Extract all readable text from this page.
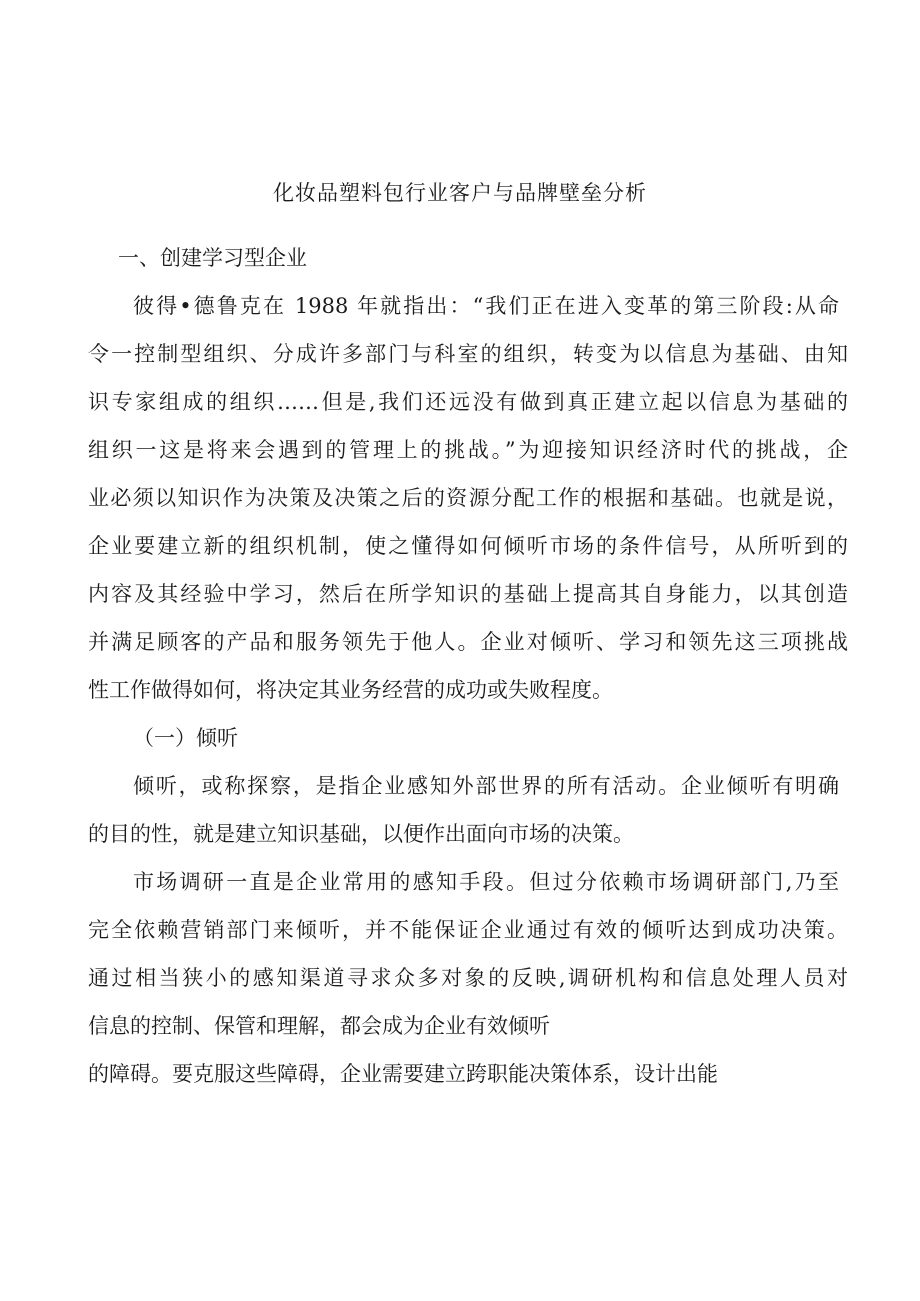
化妆品塑料包行业客户与品牌壁垒分析

一、创建学习型企业

彼得•德鲁克在 1988 年就指出：“我们正在进入变革的第三阶段:从命

令一控制型组织、分成许多部门与科室的组织，转变为以信息为基础、由知

识专家组成的组织……但是,我们还远没有做到真正建立起以信息为基础的

组织一这是将来会遇到的管理上的挑战。”为迎接知识经济时代的挑战，企

业必须以知识作为决策及决策之后的资源分配工作的根据和基础。也就是说，

企业要建立新的组织机制，使之懂得如何倾听市场的条件信号，从所听到的

内容及其经验中学习，然后在所学知识的基础上提高其自身能力，以其创造

并满足顾客的产品和服务领先于他人。企业对倾听、学习和领先这三项挑战

性工作做得如何，将决定其业务经营的成功或失败程度。

（一）倾听

倾听，或称探察，是指企业感知外部世界的所有活动。企业倾听有明确

的目的性，就是建立知识基础，以便作出面向市场的决策。

市场调研一直是企业常用的感知手段。但过分依赖市场调研部门,乃至

完全依赖营销部门来倾听，并不能保证企业通过有效的倾听达到成功决策。

通过相当狭小的感知渠道寻求众多对象的反映,调研机构和信息处理人员对

信息的控制、保管和理解，都会成为企业有效倾听

的障碍。要克服这些障碍，企业需要建立跨职能决策体系，设计出能
